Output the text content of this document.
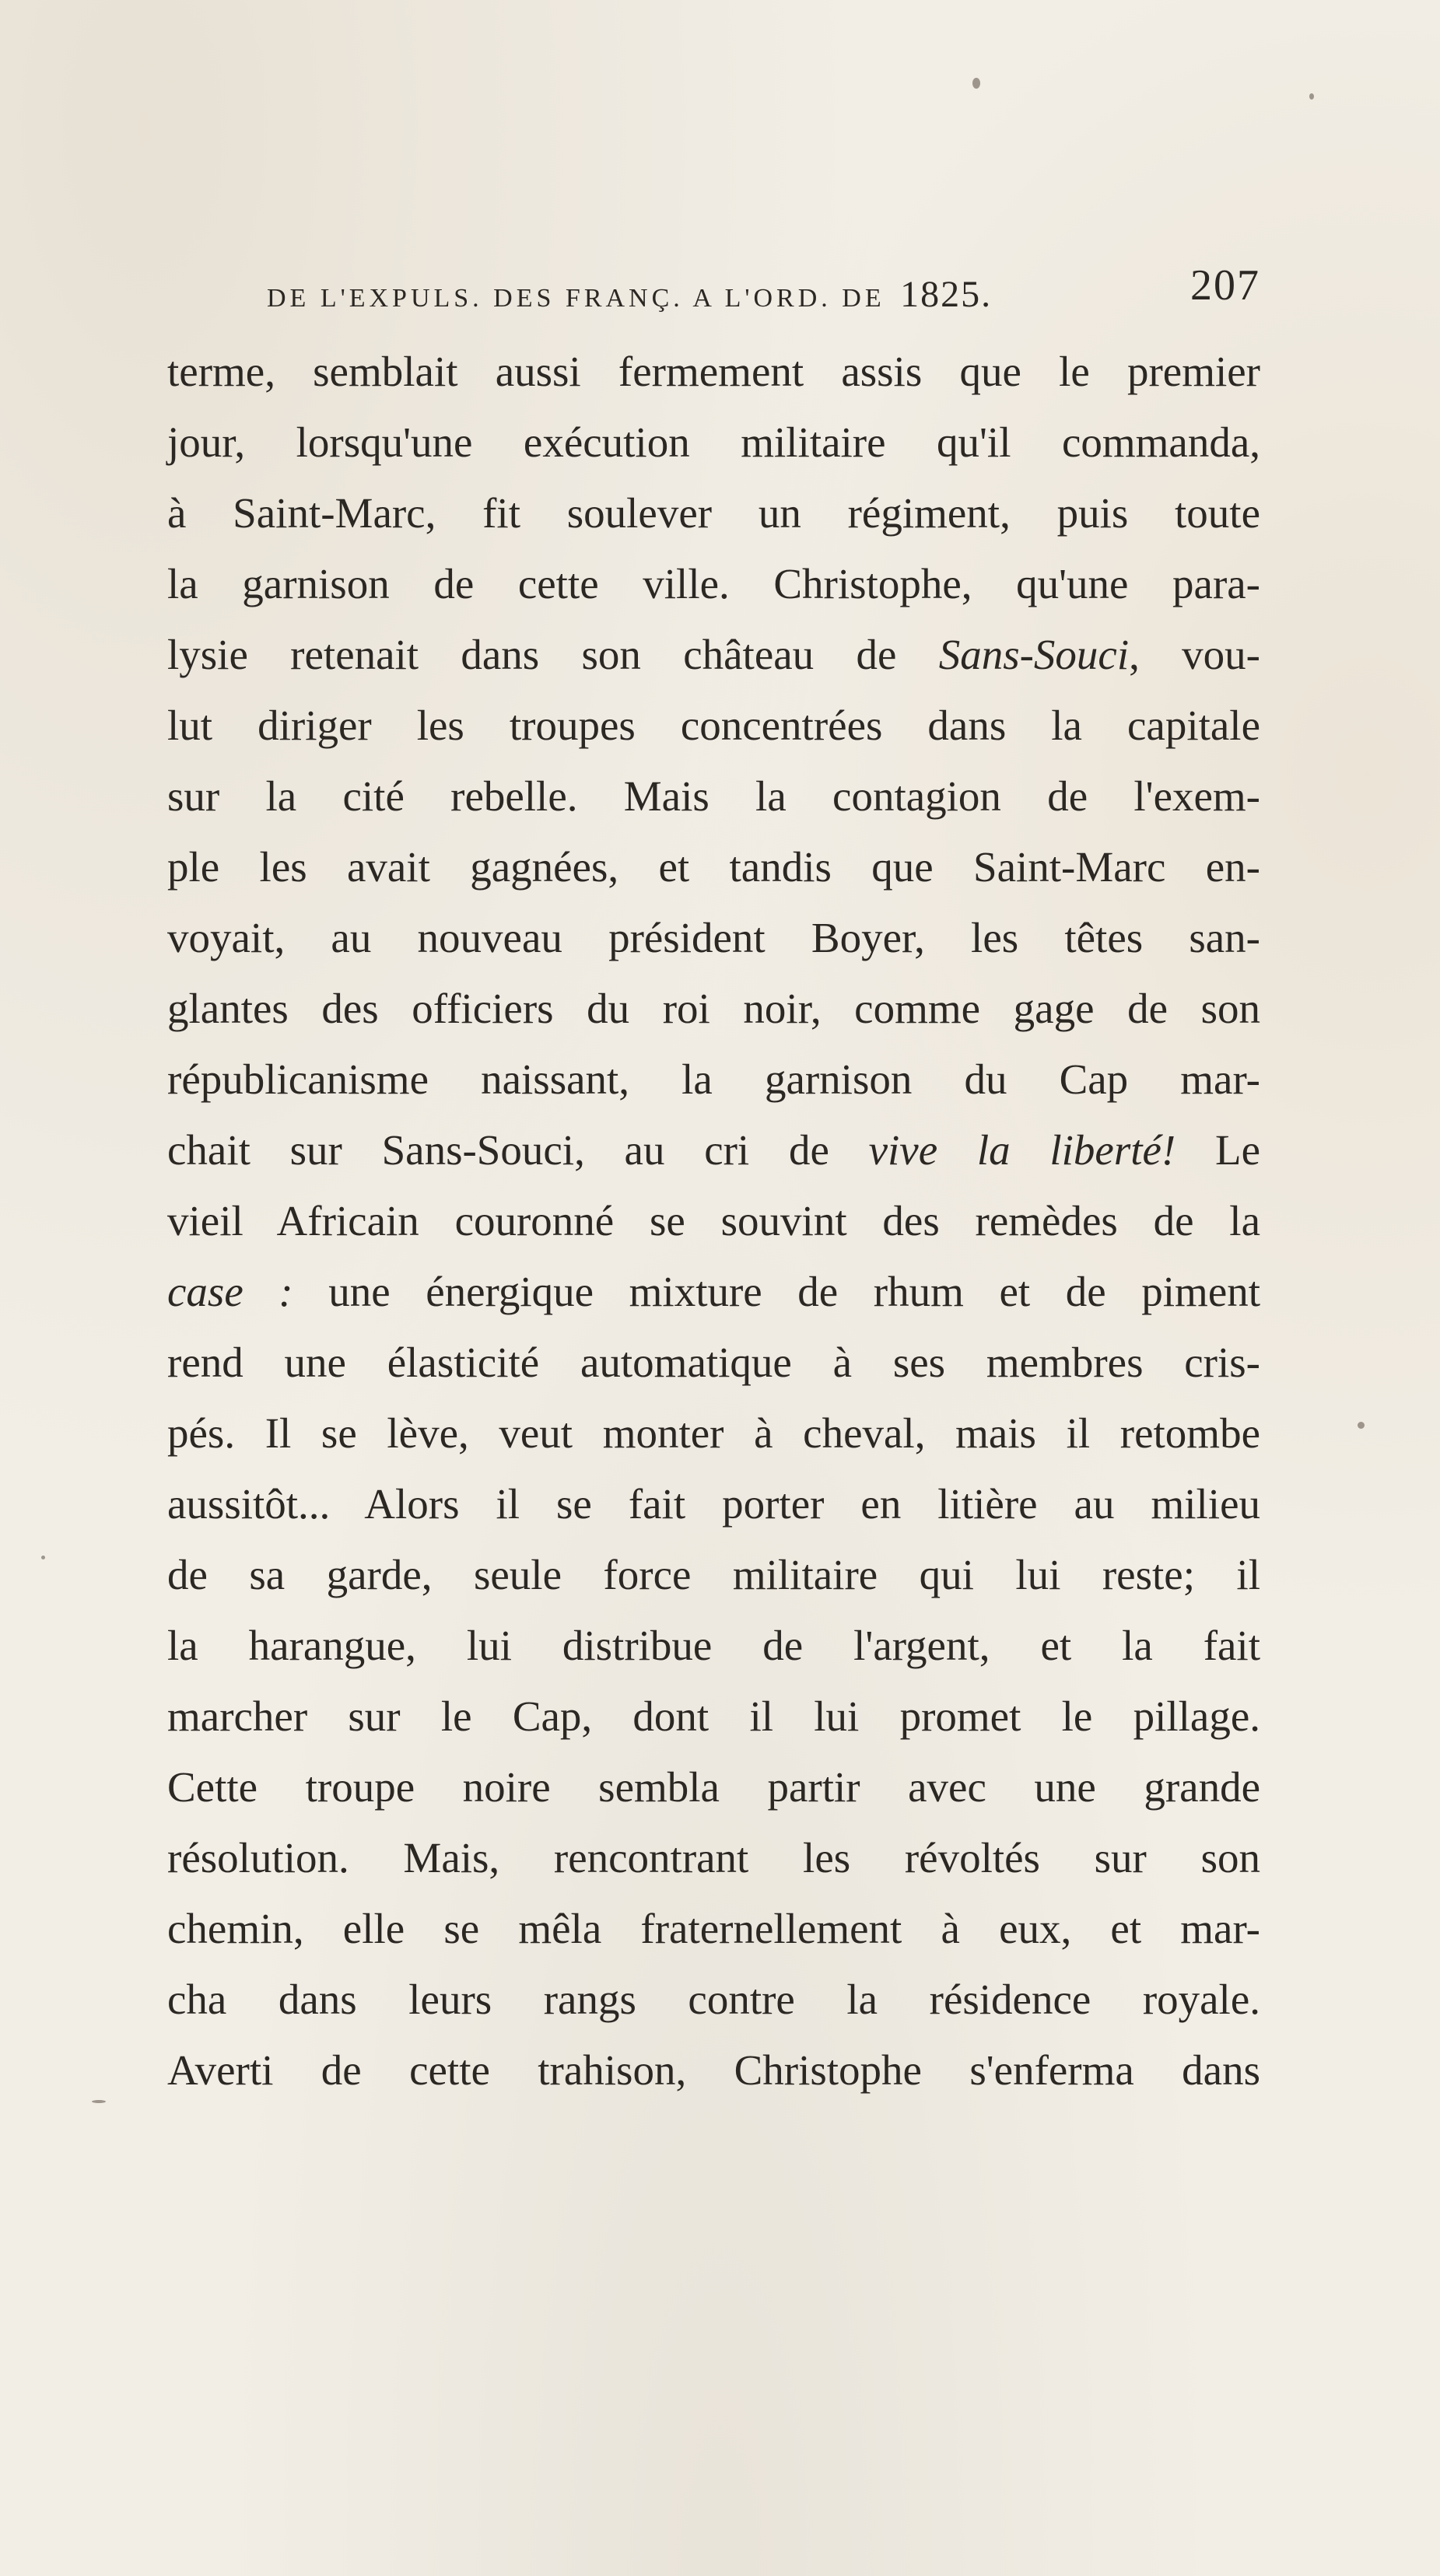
DE L'EXPULS. DES FRANÇ. A L'ORD. DE 1825.	207
terme, semblait aussi fermement assis que le premier
jour, lorsqu'une exécution militaire qu'il commanda,
à Saint-Marc, fit soulever un régiment, puis toute
la garnison de cette ville. Christophe, qu'une para-
lysie retenait dans son château de Sans-Souci, vou-
lut diriger les troupes concentrées dans la capitale
sur la cité rebelle. Mais la contagion de l'exem-
ple les avait gagnées, et tandis que Saint-Marc en-
voyait, au nouveau président Boyer, les têtes san-
glantes des officiers du roi noir, comme gage de son
républicanisme naissant, la garnison du Cap mar-
chait sur Sans-Souci, au cri de vive la liberté! Le
vieil Africain couronné se souvint des remèdes de la
case : une énergique mixture de rhum et de piment
rend une élasticité automatique à ses membres cris-
pés. Il se lève, veut monter à cheval, mais il retombe
aussitôt... Alors il se fait porter en litière au milieu
de sa garde, seule force militaire qui lui reste; il
la harangue, lui distribue de l'argent, et la fait
marcher sur le Cap, dont il lui promet le pillage.
Cette troupe noire sembla partir avec une grande
résolution. Mais, rencontrant les révoltés sur son
chemin, elle se mêla fraternellement à eux, et mar-
cha dans leurs rangs contre la résidence royale.
Averti de cette trahison, Christophe s'enferma dans
